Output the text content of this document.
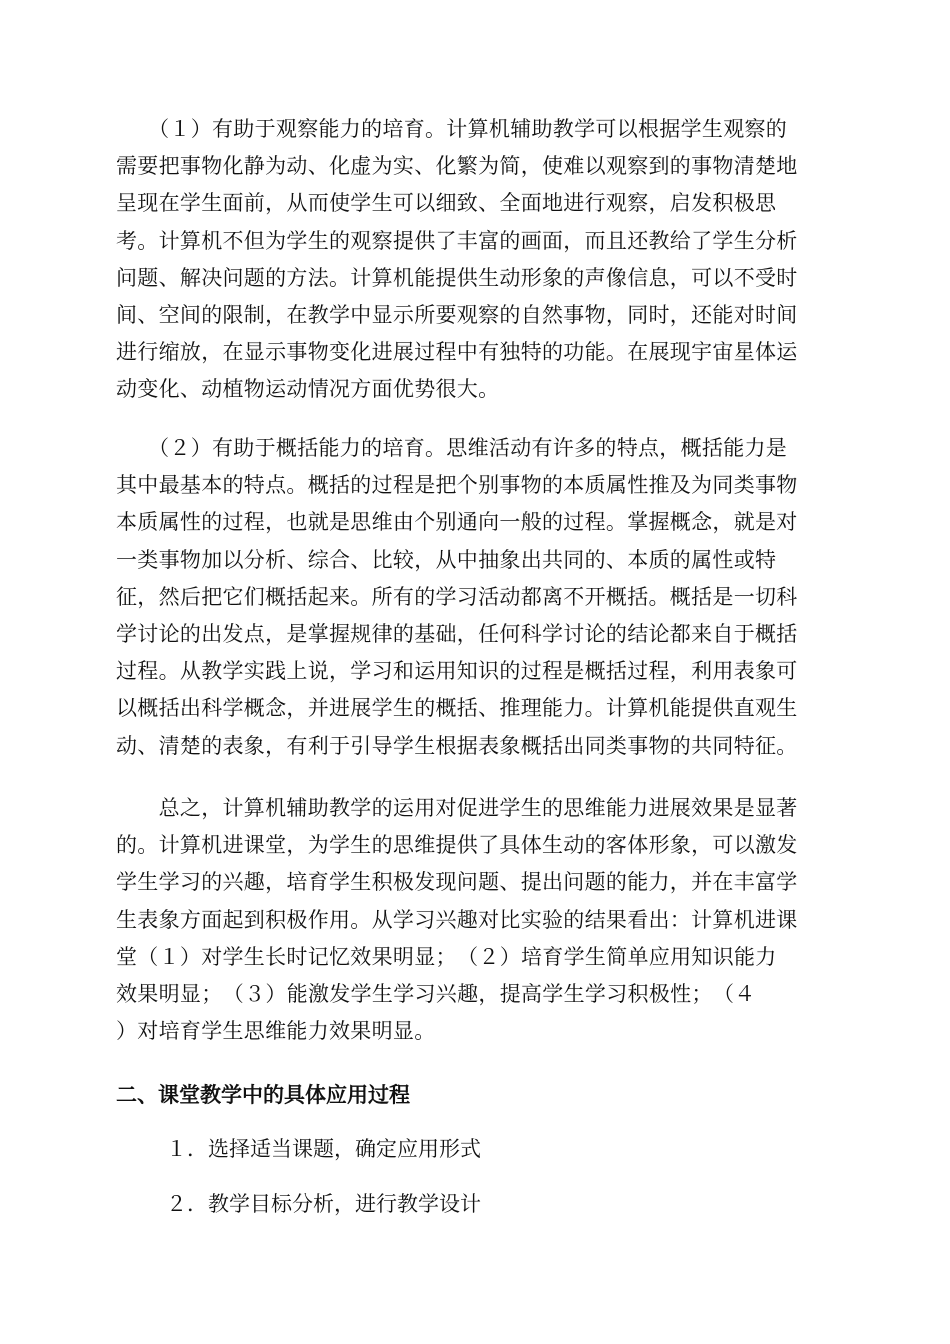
　　（１）有助于观察能力的培育。计算机辅助教学可以根据学生观察的
需要把事物化静为动、化虚为实、化繁为简，使难以观察到的事物清楚地
呈现在学生面前，从而使学生可以细致、全面地进行观察，启发积极思
考。计算机不但为学生的观察提供了丰富的画面，而且还教给了学生分析
问题、解决问题的方法。计算机能提供生动形象的声像信息，可以不受时
间、空间的限制，在教学中显示所要观察的自然事物，同时，还能对时间
进行缩放，在显示事物变化进展过程中有独特的功能。在展现宇宙星体运
动变化、动植物运动情况方面优势很大。
　　（２）有助于概括能力的培育。思维活动有许多的特点，概括能力是
其中最基本的特点。概括的过程是把个别事物的本质属性推及为同类事物
本质属性的过程，也就是思维由个别通向一般的过程。掌握概念，就是对
一类事物加以分析、综合、比较，从中抽象出共同的、本质的属性或特
征，然后把它们概括起来。所有的学习活动都离不开概括。概括是一切科
学讨论的出发点，是掌握规律的基础，任何科学讨论的结论都来自于概括
过程。从教学实践上说，学习和运用知识的过程是概括过程，利用表象可
以概括出科学概念，并进展学生的概括、推理能力。计算机能提供直观生
动、清楚的表象，有利于引导学生根据表象概括出同类事物的共同特征。
　　总之，计算机辅助教学的运用对促进学生的思维能力进展效果是显著
的。计算机进课堂，为学生的思维提供了具体生动的客体形象，可以激发
学生学习的兴趣，培育学生积极发现问题、提出问题的能力，并在丰富学
生表象方面起到积极作用。从学习兴趣对比实验的结果看出：计算机进课
堂（１）对学生长时记忆效果明显；　（２）培育学生简单应用知识能力
效果明显；　（３）能激发学生学习兴趣，提高学生学习积极性；　（４
）对培育学生思维能力效果明显。
二、课堂教学中的具体应用过程
１．选择适当课题，确定应用形式
２．教学目标分析，进行教学设计
